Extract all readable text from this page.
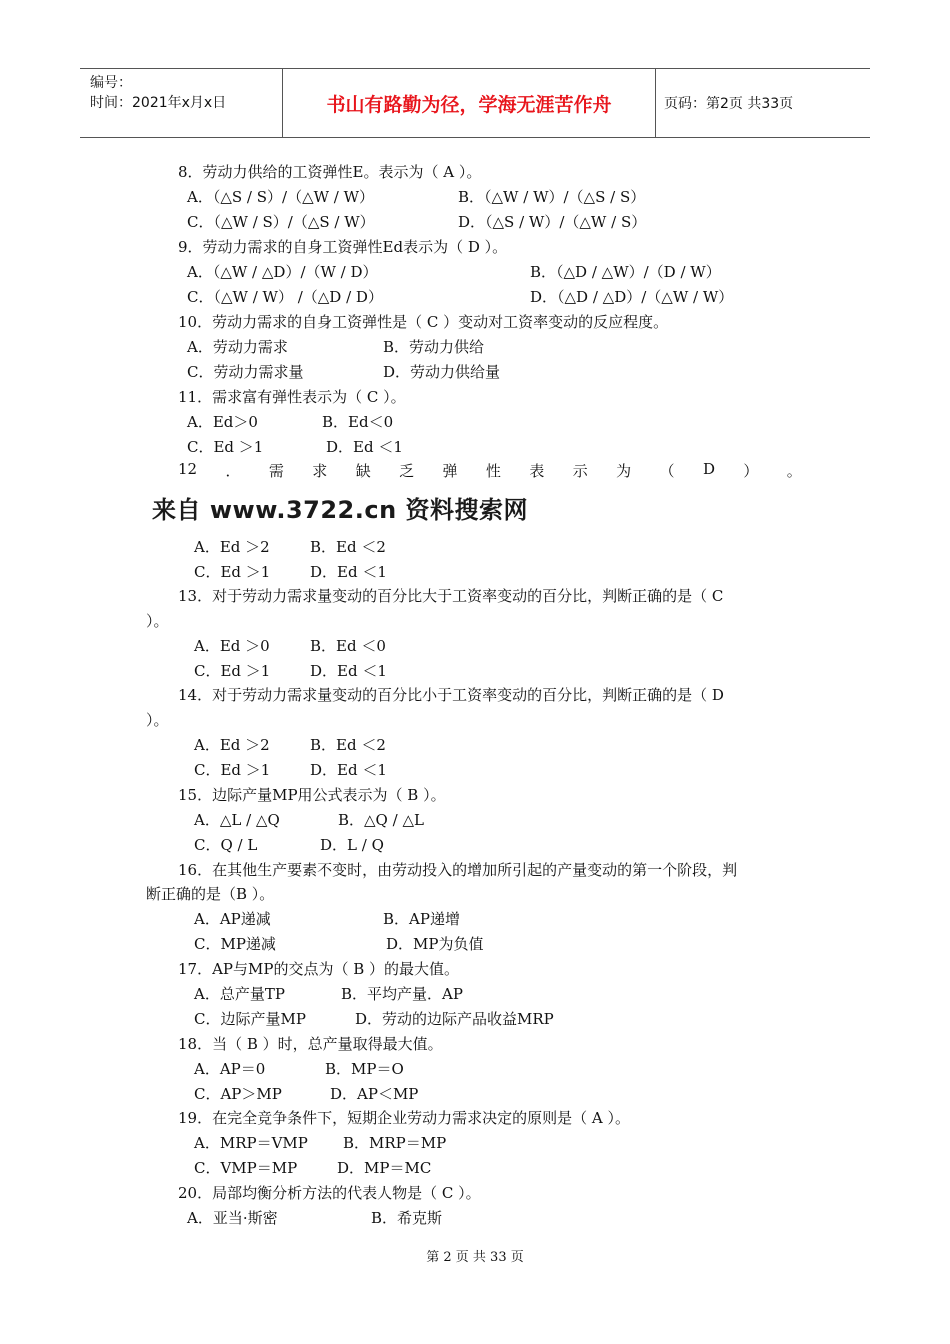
编号：
时间：2021年x月x日	书山有路勤为径，学海无涯苦作舟	页码：第2页 共33页
8．劳动力供给的工资弹性E。表示为（ A ）。
A．（△S / S）/（△W / W）	B．（△W / W）/（△S / S）
C．（△W / S）/（△S / W）	D．（△S / W）/（△W / S）
9．劳动力需求的自身工资弹性Ed表示为（ D ）。
A．（△W / △D）/（W / D）	B．（△D / △W）/（D / W）
C．（△W / W） /（△D / D）	D．（△D / △D）/（△W / W）
10．劳动力需求的自身工资弹性是（ C ）变动对工资率变动的反应程度。
A．劳动力需求	B．劳动力供给
C．劳动力需求量	D．劳动力供给量
11．需求富有弹性表示为（ C ）。
A．Ed＞0	B．Ed＜0
C．Ed ＞1	D．Ed ＜1
A．Ed ＞2	B．Ed ＜2
C．Ed ＞1	D．Ed ＜1
13．对于劳动力需求量变动的百分比大于工资率变动的百分比，判断正确的是（ C
）。
A．Ed ＞0	B．Ed ＜0
C．Ed ＞1	D．Ed ＜1
14．对于劳动力需求量变动的百分比小于工资率变动的百分比，判断正确的是（ D
）。
A．Ed ＞2	B．Ed ＜2
C．Ed ＞1	D．Ed ＜1
15．边际产量MP用公式表示为（ B ）。
A．△L / △Q	B．△Q / △L
C．Q / L	D．L / Q
16．在其他生产要素不变时，由劳动投入的增加所引起的产量变动的第一个阶段，判
断正确的是（B ）。
A．AP递减	B．AP递增
C．MP递减	D．MP为负值
17．AP与MP的交点为（ B ）的最大值。
A．总产量TP	B．平均产量．AP
C．边际产量MP	D．劳动的边际产品收益MRP
18．当（ B ）时，总产量取得最大值。
A．AP＝0	B．MP＝O
C．AP＞MP	D．AP＜MP
19．在完全竞争条件下，短期企业劳动力需求决定的原则是（ A ）。
A．MRP＝VMP B．MRP＝MP
C．VMP＝MP	D．MP＝MC
20．局部均衡分析方法的代表人物是（ C ）。
A．亚当·斯密	B．希克斯
12 ． 需 求 缺 乏 弹 性 表 示 为 （ D ） 。
来自 www.3722.cn 资料搜索网
第 2 页 共 33 页
